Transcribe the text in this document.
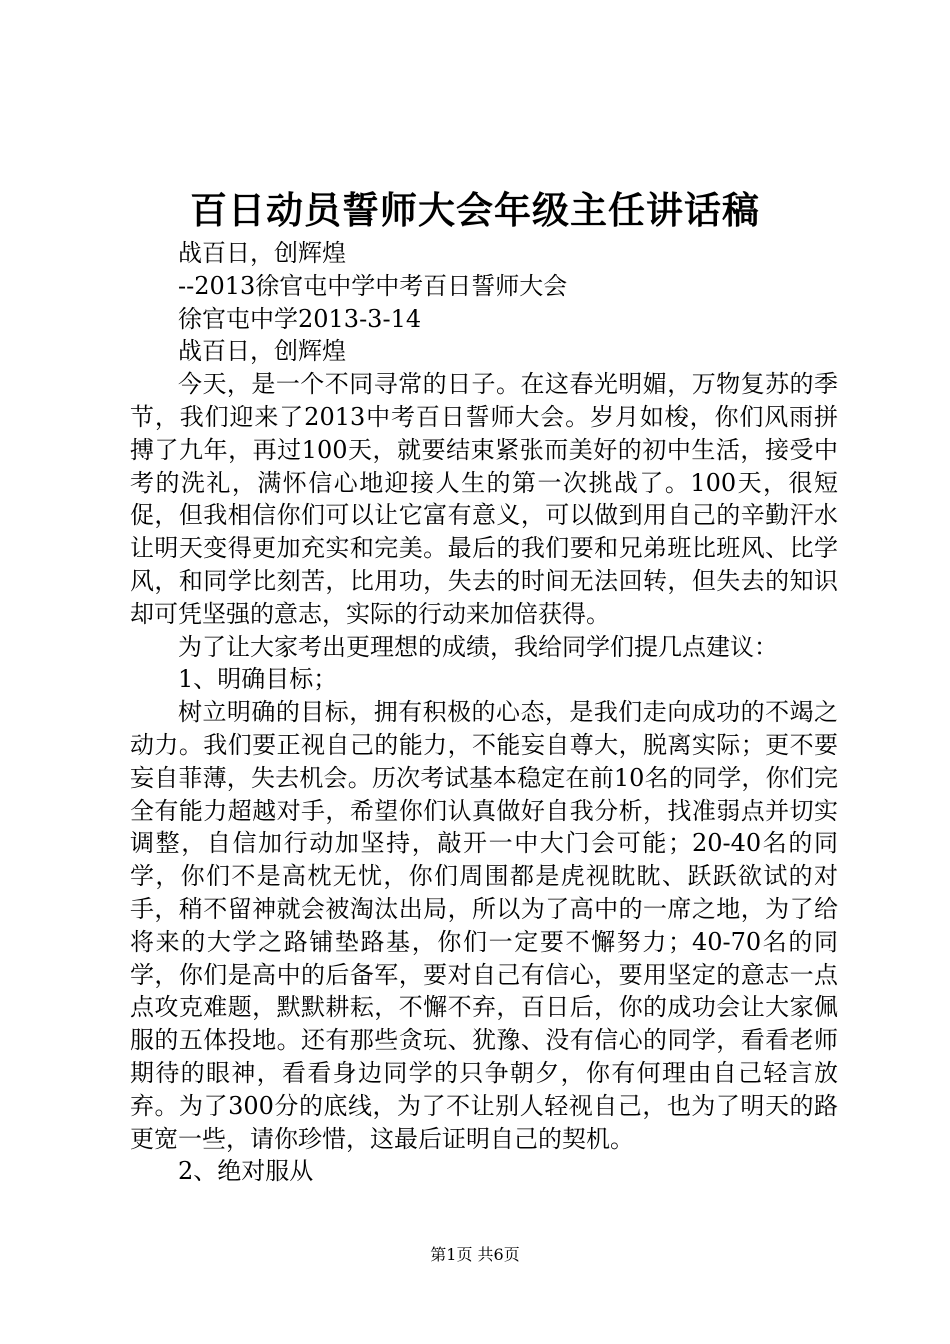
百日动员誓师大会年级主任讲话稿

战百日，创辉煌

--2013徐官屯中学中考百日誓师大会

徐官屯中学2013-3-14

战百日，创辉煌

今天，是一个不同寻常的日子。在这春光明媚，万物复苏的季节，我们迎来了2013中考百日誓师大会。岁月如梭，你们风雨拼搏了九年，再过100天，就要结束紧张而美好的初中生活，接受中考的洗礼，满怀信心地迎接人生的第一次挑战了。100天，很短促，但我相信你们可以让它富有意义，可以做到用自己的辛勤汗水让明天变得更加充实和完美。最后的我们要和兄弟班比班风、比学风，和同学比刻苦，比用功，失去的时间无法回转，但失去的知识却可凭坚强的意志，实际的行动来加倍获得。

为了让大家考出更理想的成绩，我给同学们提几点建议：

1、明确目标；

树立明确的目标，拥有积极的心态，是我们走向成功的不竭之动力。我们要正视自己的能力，不能妄自尊大，脱离实际；更不要妄自菲薄，失去机会。历次考试基本稳定在前10名的同学，你们完全有能力超越对手，希望你们认真做好自我分析，找准弱点并切实调整，自信加行动加坚持，敲开一中大门会可能；20-40名的同学，你们不是高枕无忧，你们周围都是虎视眈眈、跃跃欲试的对手，稍不留神就会被淘汰出局，所以为了高中的一席之地，为了给将来的大学之路铺垫路基，你们一定要不懈努力；40-70名的同学，你们是高中的后备军，要对自己有信心，要用坚定的意志一点点攻克难题，默默耕耘，不懈不弃，百日后，你的成功会让大家佩服的五体投地。还有那些贪玩、犹豫、没有信心的同学，看看老师期待的眼神，看看身边同学的只争朝夕，你有何理由自己轻言放弃。为了300分的底线，为了不让别人轻视自己，也为了明天的路更宽一些，请你珍惜，这最后证明自己的契机。

2、绝对服从

第1页 共6页
